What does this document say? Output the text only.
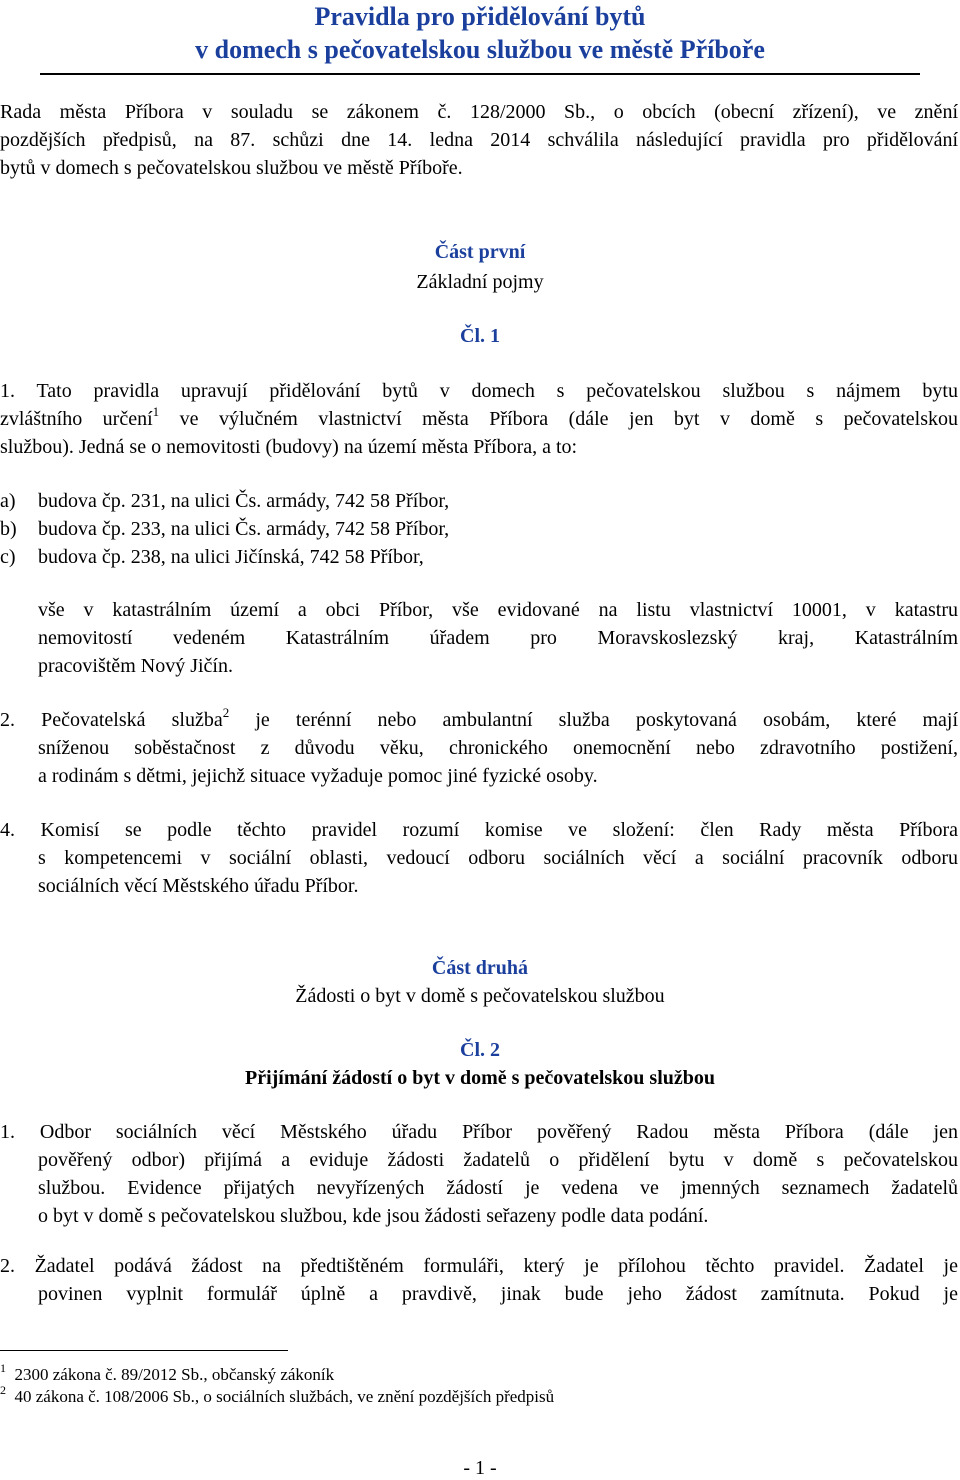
Pravidla pro přidělování bytů
v domech s pečovatelskou službou ve městě Příboře
Rada města Příbora v souladu se zákonem č. 128/2000 Sb., o obcích (obecní zřízení), ve znění
pozdějších předpisů, na 87. schůzi dne 14. ledna 2014 schválila následující pravidla pro přidělování
bytů v domech s pečovatelskou službou ve městě Příboře.
Část první
Základní pojmy
Čl. 1
1. Tato pravidla upravují přidělování bytů v domech s pečovatelskou službou s nájmem bytu
zvláštního určení$^1$ ve výlučném vlastnictví města Příbora (dále jen byt v domě s pečovatelskou
službou). Jedná se o nemovitosti (budovy) na území města Příbora, a to:
a) budova čp. 231, na ulici Čs. armády, 742 58 Příbor,
b) budova čp. 233, na ulici Čs. armády, 742 58 Příbor,
c) budova čp. 238, na ulici Jičínská, 742 58 Příbor,
vše v katastrálním území a obci Příbor, vše evidované na listu vlastnictví 10001, v katastru
nemovitostí vedeném Katastrálním úřadem pro Moravskoslezský kraj, Katastrálním
pracovištěm Nový Jičín.
2. Pečovatelská služba$^2$ je terénní nebo ambulantní služba poskytovaná osobám, které mají
sníženou soběstačnost z důvodu věku, chronického onemocnění nebo zdravotního postižení,
a rodinám s dětmi, jejichž situace vyžaduje pomoc jiné fyzické osoby.
4. Komisí se podle těchto pravidel rozumí komise ve složení: člen Rady města Příbora
s kompetencemi v sociální oblasti, vedoucí odboru sociálních věcí a sociální pracovník odboru
sociálních věcí Městského úřadu Příbor.
Část druhá
Žádosti o byt v domě s pečovatelskou službou
Čl. 2
Přijímání žádostí o byt v domě s pečovatelskou službou
1. Odbor sociálních věcí Městského úřadu Příbor pověřený Radou města Příbora (dále jen
pověřený odbor) přijímá a eviduje žádosti žadatelů o přidělení bytu v domě s pečovatelskou
službou. Evidence přijatých nevyřízených žádostí je vedena ve jmenných seznamech žadatelů
o byt v domě s pečovatelskou službou, kde jsou žádosti seřazeny podle data podání.
2. Žadatel podává žádost na předtištěném formuláři, který je přílohou těchto pravidel. Žadatel je
povinen vyplnit formulář úplně a pravdivě, jinak bude jeho žádost zamítnuta. Pokud je
$^1$ 2300 zákona č. 89/2012 Sb., občanský zákoník
$^2$ 40 zákona č. 108/2006 Sb., o sociálních službách, ve znění pozdějších předpisů
- 1 -
